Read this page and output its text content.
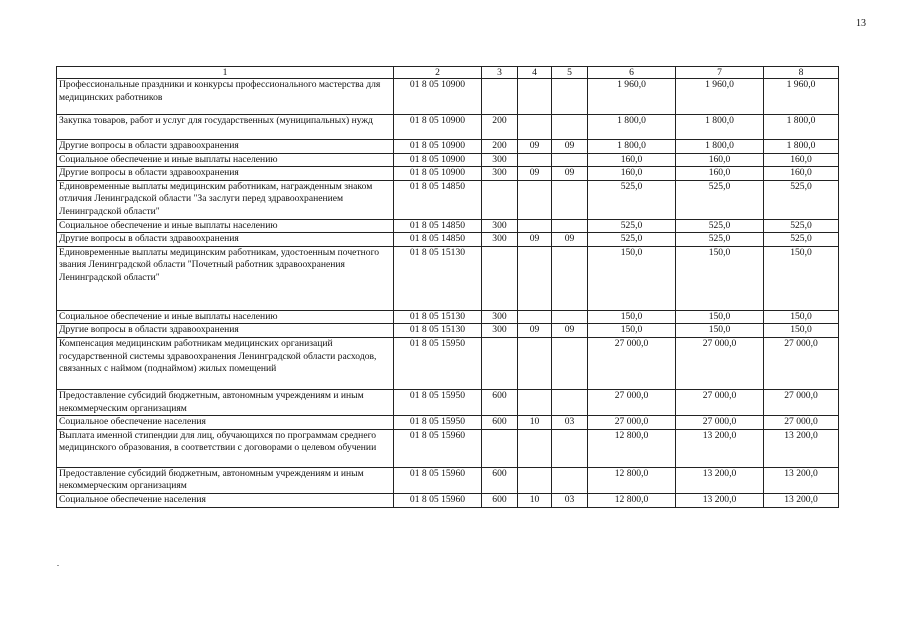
13
1	2	3	4	5	6	7	8
Профессиональные праздники и конкурсы профессионального мастерства для медицинских работников	01 8 05 10900				1 960,0	1 960,0	1 960,0
Закупка товаров, работ и услуг для государственных (муниципальных) нужд	01 8 05 10900	200			1 800,0	1 800,0	1 800,0
Другие вопросы в области здравоохранения	01 8 05 10900	200	09	09	1 800,0	1 800,0	1 800,0
Социальное обеспечение и иные выплаты населению	01 8 05 10900	300			160,0	160,0	160,0
Другие вопросы в области здравоохранения	01 8 05 10900	300	09	09	160,0	160,0	160,0
Единовременные выплаты медицинским работникам, награжденным знаком отличия Ленинградской области "За заслуги перед здравоохранением Ленинградской области"	01 8 05 14850				525,0	525,0	525,0
Социальное обеспечение и иные выплаты населению	01 8 05 14850	300			525,0	525,0	525,0
Другие вопросы в области здравоохранения	01 8 05 14850	300	09	09	525,0	525,0	525,0
Единовременные выплаты медицинским работникам, удостоенным почетного звания Ленинградской области "Почетный работник здравоохранения Ленинградской области"	01 8 05 15130				150,0	150,0	150,0
Социальное обеспечение и иные выплаты населению	01 8 05 15130	300			150,0	150,0	150,0
Другие вопросы в области здравоохранения	01 8 05 15130	300	09	09	150,0	150,0	150,0
Компенсация медицинским работникам медицинских организаций государственной системы здравоохранения Ленинградской области расходов, связанных с наймом (поднаймом) жилых помещений	01 8 05 15950				27 000,0	27 000,0	27 000,0
Предоставление субсидий бюджетным, автономным учреждениям и иным некоммерческим организациям	01 8 05 15950	600			27 000,0	27 000,0	27 000,0
Социальное обеспечение населения	01 8 05 15950	600	10	03	27 000,0	27 000,0	27 000,0
Выплата именной стипендии для лиц, обучающихся по программам среднего медицинского образования, в соответствии с договорами о целевом обучении	01 8 05 15960				12 800,0	13 200,0	13 200,0
Предоставление субсидий бюджетным, автономным учреждениям и иным некоммерческим организациям	01 8 05 15960	600			12 800,0	13 200,0	13 200,0
Социальное обеспечение населения	01 8 05 15960	600	10	03	12 800,0	13 200,0	13 200,0
